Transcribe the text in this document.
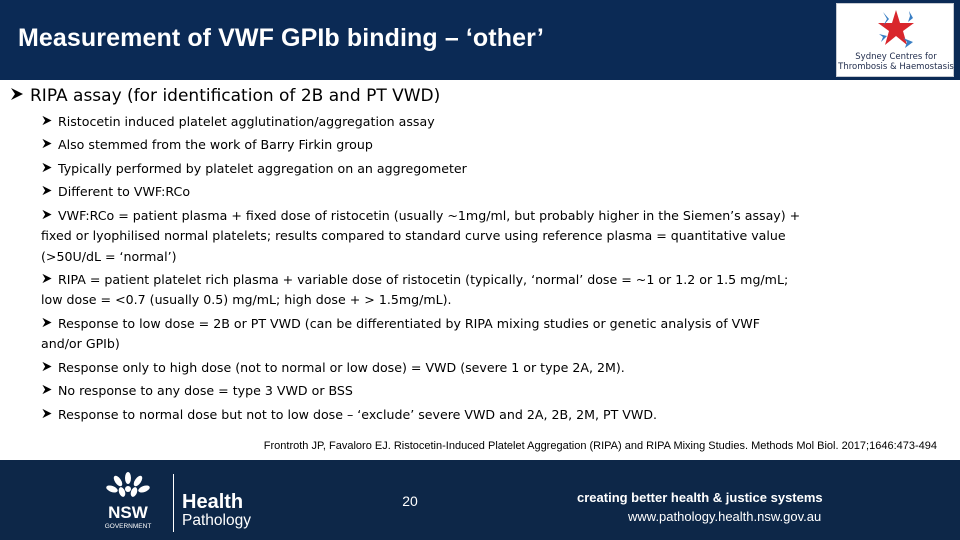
Measurement of VWF GPIb binding – ‘other’
Sydney Centres for
Thrombosis & Haemostasis
RIPA assay (for identification of 2B and PT VWD)
Ristocetin induced platelet agglutination/aggregation assay
Also stemmed from the work of Barry Firkin group
Typically performed by platelet aggregation on an aggregometer
Different to VWF:RCo
VWF:RCo = patient plasma + fixed dose of ristocetin (usually ~1mg/ml, but probably higher in the Siemen’s assay) + fixed or lyophilised normal platelets; results compared to standard curve using reference plasma = quantitative value (>50U/dL = ‘normal’)
RIPA = patient platelet rich plasma + variable dose of ristocetin (typically, ‘normal’ dose = ~1 or 1.2 or 1.5 mg/mL; low dose = <0.7 (usually 0.5) mg/mL; high dose + > 1.5mg/mL).
Response to low dose = 2B or PT VWD (can be differentiated by RIPA mixing studies or genetic analysis of VWF and/or GPIb)
Response only to high dose (not to normal or low dose) = VWD (severe 1 or type 2A, 2M).
No response to any dose = type 3 VWD or BSS
Response to normal dose but not to low dose – ‘exclude’ severe VWD and 2A, 2B, 2M, PT VWD.
Frontroth JP, Favaloro EJ. Ristocetin-Induced Platelet Aggregation (RIPA) and RIPA Mixing Studies. Methods Mol Biol. 2017;1646:473-494
NSW
GOVERNMENT
Health
Pathology
20	creating better health & justice systems
www.pathology.health.nsw.gov.au
